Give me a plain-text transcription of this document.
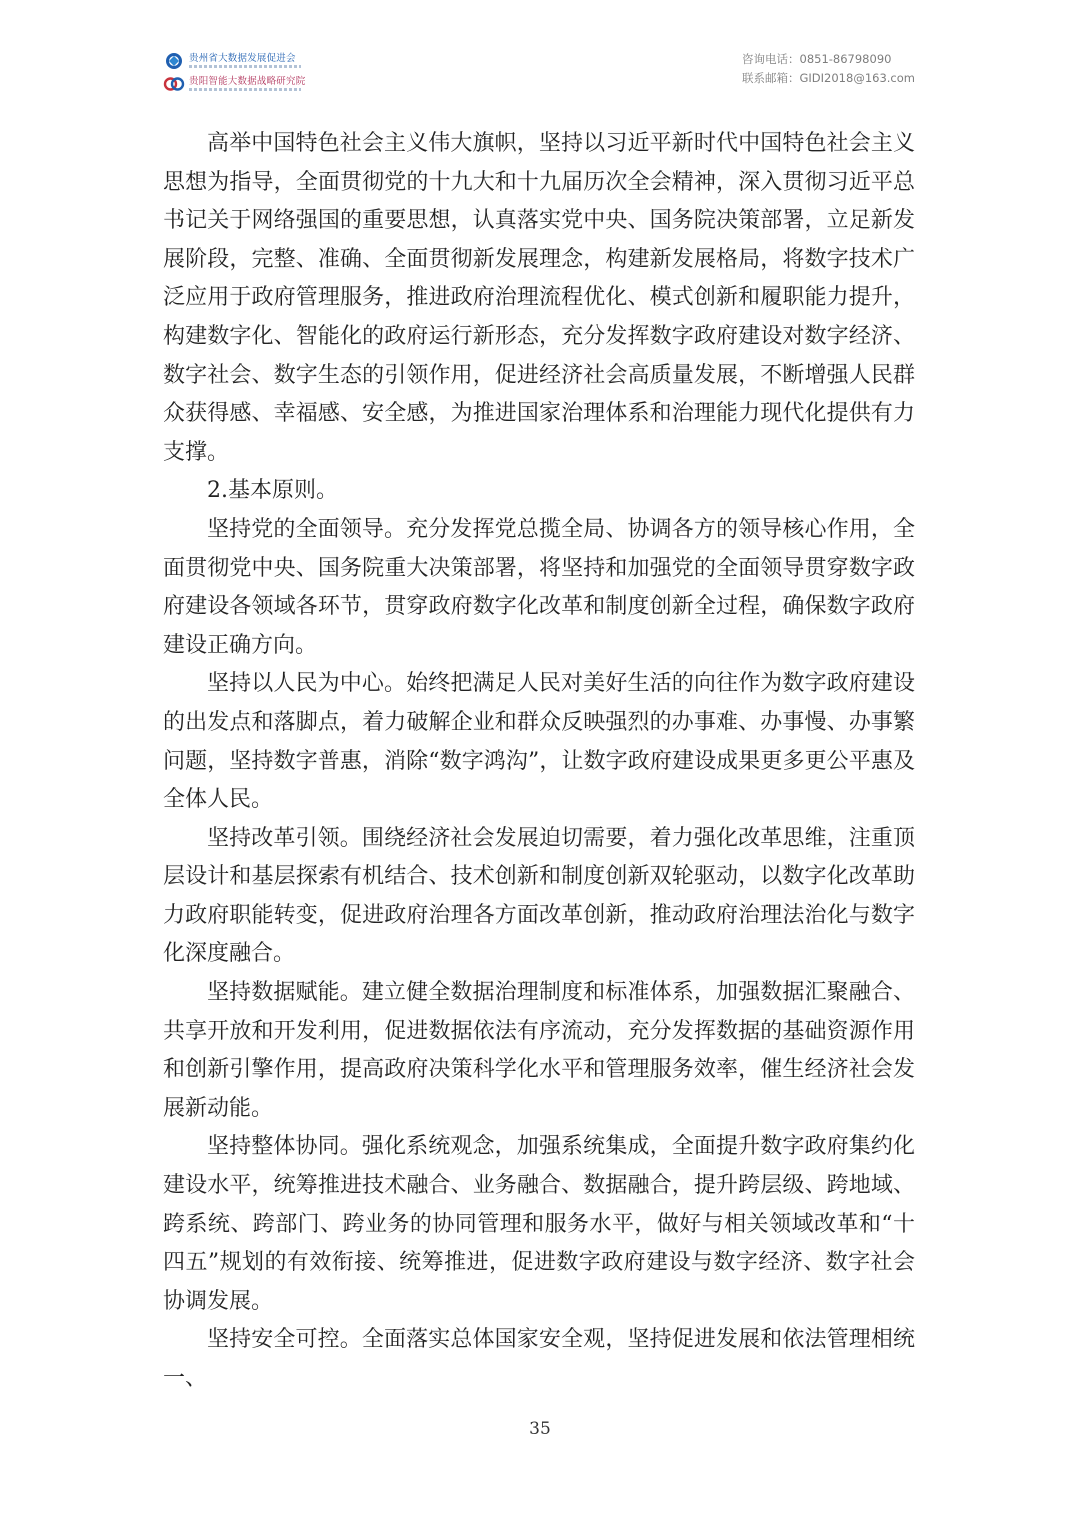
贵州省大数据发展促进会
贵阳智能大数据战略研究院
咨询电话：0851-86798090
联系邮箱：GIDI2018@163.com

高举中国特色社会主义伟大旗帜，坚持以习近平新时代中国特色社会主义思想为指导，全面贯彻党的十九大和十九届历次全会精神，深入贯彻习近平总书记关于网络强国的重要思想，认真落实党中央、国务院决策部署，立足新发展阶段，完整、准确、全面贯彻新发展理念，构建新发展格局，将数字技术广泛应用于政府管理服务，推进政府治理流程优化、模式创新和履职能力提升，构建数字化、智能化的政府运行新形态，充分发挥数字政府建设对数字经济、数字社会、数字生态的引领作用，促进经济社会高质量发展，不断增强人民群众获得感、幸福感、安全感，为推进国家治理体系和治理能力现代化提供有力支撑。

2.基本原则。

坚持党的全面领导。充分发挥党总揽全局、协调各方的领导核心作用，全面贯彻党中央、国务院重大决策部署，将坚持和加强党的全面领导贯穿数字政府建设各领域各环节，贯穿政府数字化改革和制度创新全过程，确保数字政府建设正确方向。

坚持以人民为中心。始终把满足人民对美好生活的向往作为数字政府建设的出发点和落脚点，着力破解企业和群众反映强烈的办事难、办事慢、办事繁问题，坚持数字普惠，消除“数字鸿沟”，让数字政府建设成果更多更公平惠及全体人民。

坚持改革引领。围绕经济社会发展迫切需要，着力强化改革思维，注重顶层设计和基层探索有机结合、技术创新和制度创新双轮驱动，以数字化改革助力政府职能转变，促进政府治理各方面改革创新，推动政府治理法治化与数字化深度融合。

坚持数据赋能。建立健全数据治理制度和标准体系，加强数据汇聚融合、共享开放和开发利用，促进数据依法有序流动，充分发挥数据的基础资源作用和创新引擎作用，提高政府决策科学化水平和管理服务效率，催生经济社会发展新动能。

坚持整体协同。强化系统观念，加强系统集成，全面提升数字政府集约化建设水平，统筹推进技术融合、业务融合、数据融合，提升跨层级、跨地域、跨系统、跨部门、跨业务的协同管理和服务水平，做好与相关领域改革和“十四五”规划的有效衔接、统筹推进，促进数字政府建设与数字经济、数字社会协调发展。

坚持安全可控。全面落实总体国家安全观，坚持促进发展和依法管理相统一、

35
